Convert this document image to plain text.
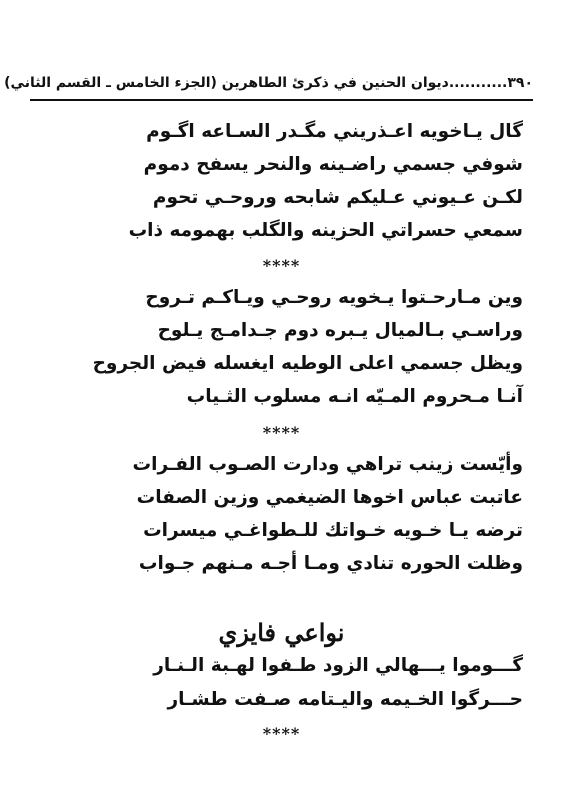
٣٩٠...........
ديوان الحنين في ذكرئ الطاهرين (الجزء الخامس ـ القسم الثاني)
گال يـاخويه اعـذريني مگـدر السـاعه اگـوم
شوفي جسمي راضـينه والنحر يسفح دموم
لكـن عـيوني عـليكم شابحه وروحـي تحوم
سمعي حسراتي الحزينه والگلب بهمومه ذاب
****
وين مـارحـتوا يـخويه روحـي ويـاكـم تـروح
وراسـي بـالميال يـبره دوم جـدامـج يـلوح
ويظل جسمي اعلى الوطيه ايغسله فيض الجروح
آنـا مـحروم المـيّه انـه مسلوب الثـياب
****
وأيّست زينب تراهي ودارت الصـوب الفـرات
عاتبت عباس اخوها الضيغمي وزين الصفات
ترضه يـا خـويه خـواتك للـطواغـي ميسرات
وظلت الحوره تنادي ومـا أجـه مـنهم جـواب
نواعي فايزي
گـــوموا يـــهالي الزود طـفوا لهـبة الـنـار
حـــرگوا الخـيمه واليـتامه صـفت طشـار
****
